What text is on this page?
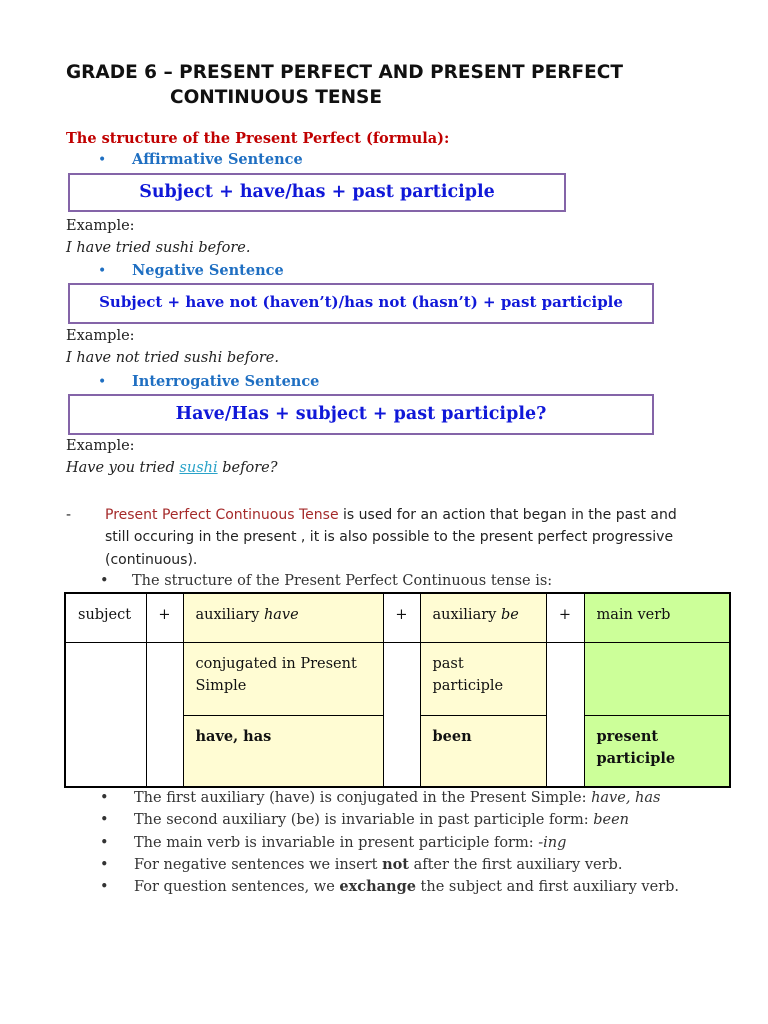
GRADE 6 – PRESENT PERFECT AND PRESENT PERFECT
CONTINUOUS TENSE
The structure of the Present Perfect (formula):
• Affirmative Sentence
Subject + have/has + past participle
Example:
I have tried sushi before.
• Negative Sentence
Subject + have not (haven’t)/has not (hasn’t) + past participle
Example:
I have not tried sushi before.
• Interrogative Sentence
Have/Has + subject + past participle?
Example:
Have you tried sushi before?
- Present Perfect Continuous Tense is used for an action that began in the past and still occuring in the present , it is also possible to the present perfect progressive (continuous).
• The structure of the Present Perfect Continuous tense is:
subject	+	auxiliary have	+	auxiliary be	+	main verb
		conjugated in Present Simple		past participle		
		have, has		been		present participle
•	The first auxiliary (have) is conjugated in the Present Simple: have, has
•	The second auxiliary (be) is invariable in past participle form: been
•	The main verb is invariable in present participle form: -ing
•	For negative sentences we insert not after the first auxiliary verb.
•	For question sentences, we exchange the subject and first auxiliary verb.
